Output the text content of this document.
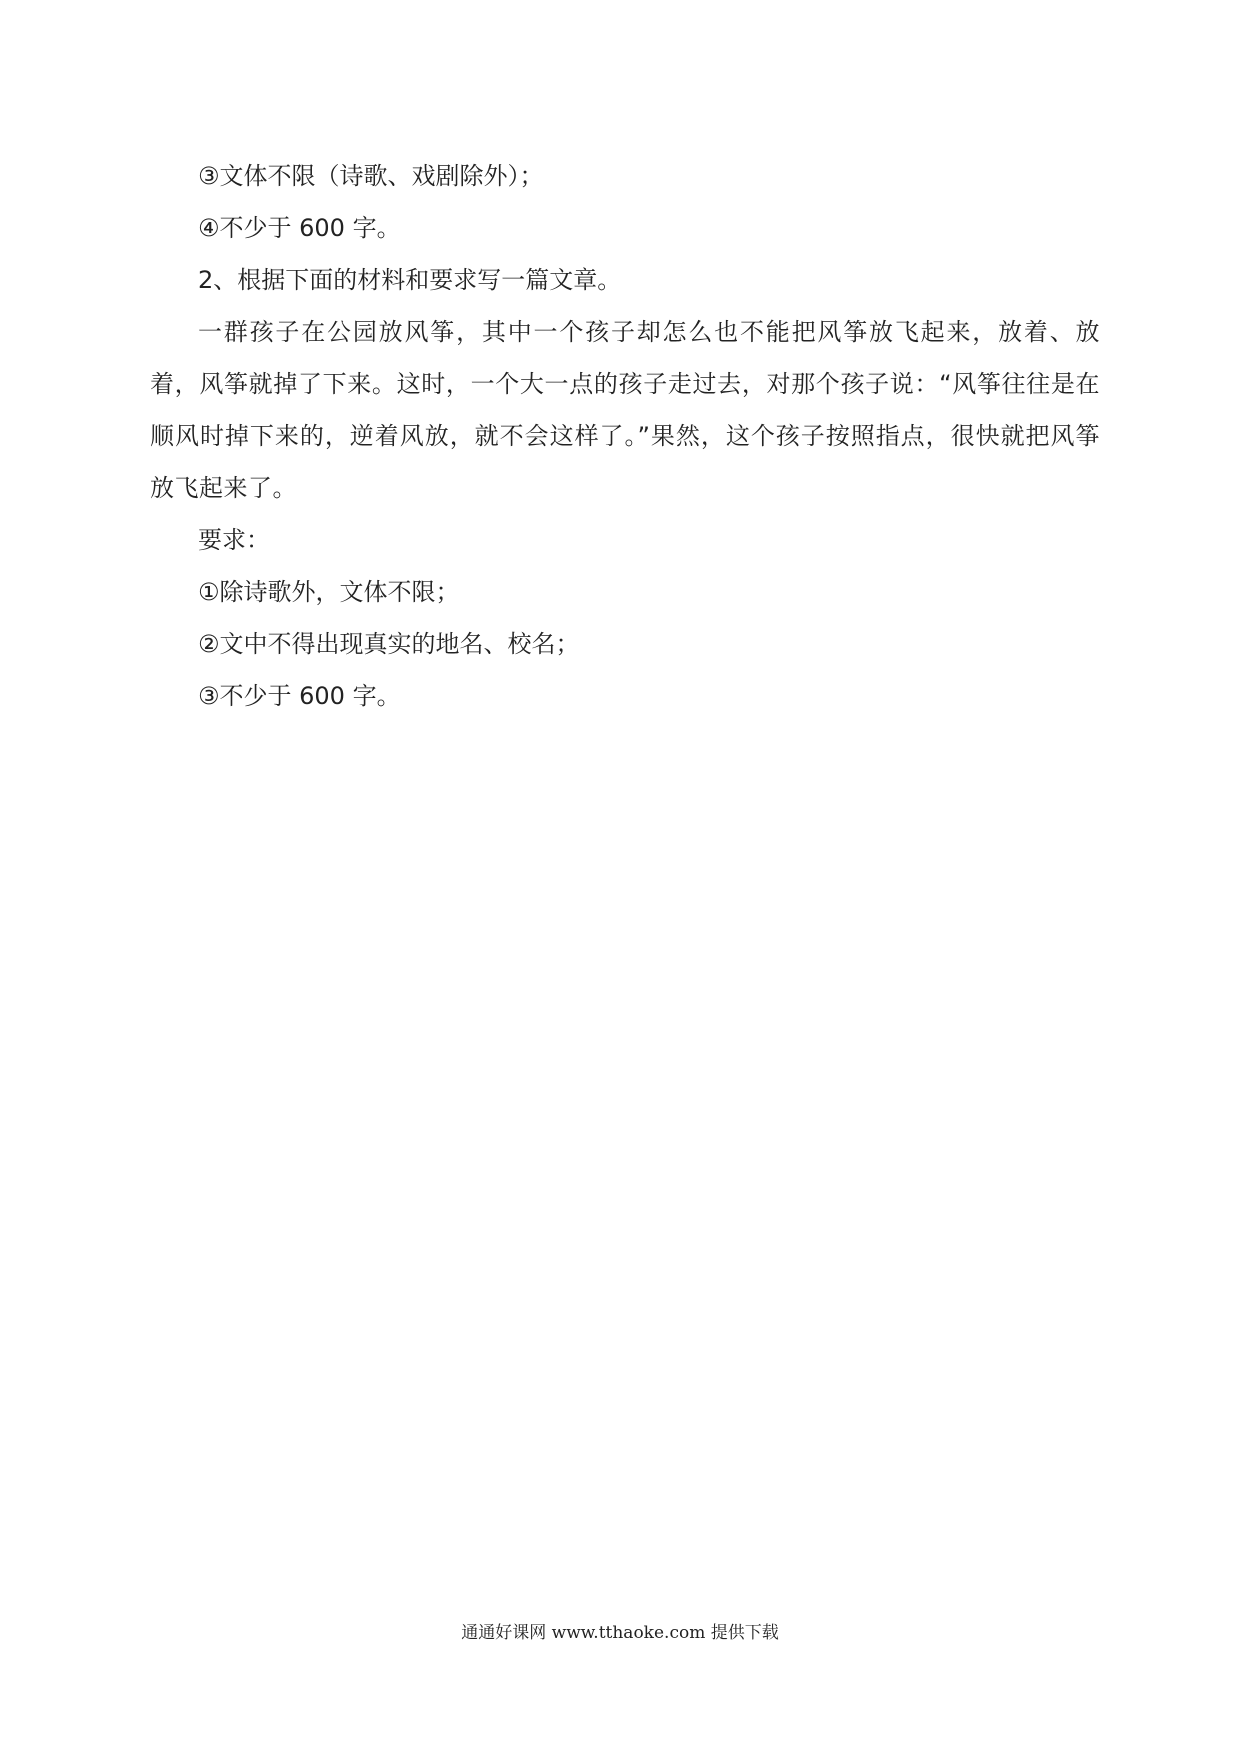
③文体不限（诗歌、戏剧除外）；

④不少于 600 字。

2、根据下面的材料和要求写一篇文章。

一群孩子在公园放风筝，其中一个孩子却怎么也不能把风筝放飞起来，放着、放着，风筝就掉了下来。这时，一个大一点的孩子走过去，对那个孩子说：“风筝往往是在顺风时掉下来的，逆着风放，就不会这样了。”果然，这个孩子按照指点，很快就把风筝放飞起来了。

要求：

①除诗歌外，文体不限；

②文中不得出现真实的地名、校名；

③不少于 600 字。

通通好课网 www.tthaoke.com 提供下载
